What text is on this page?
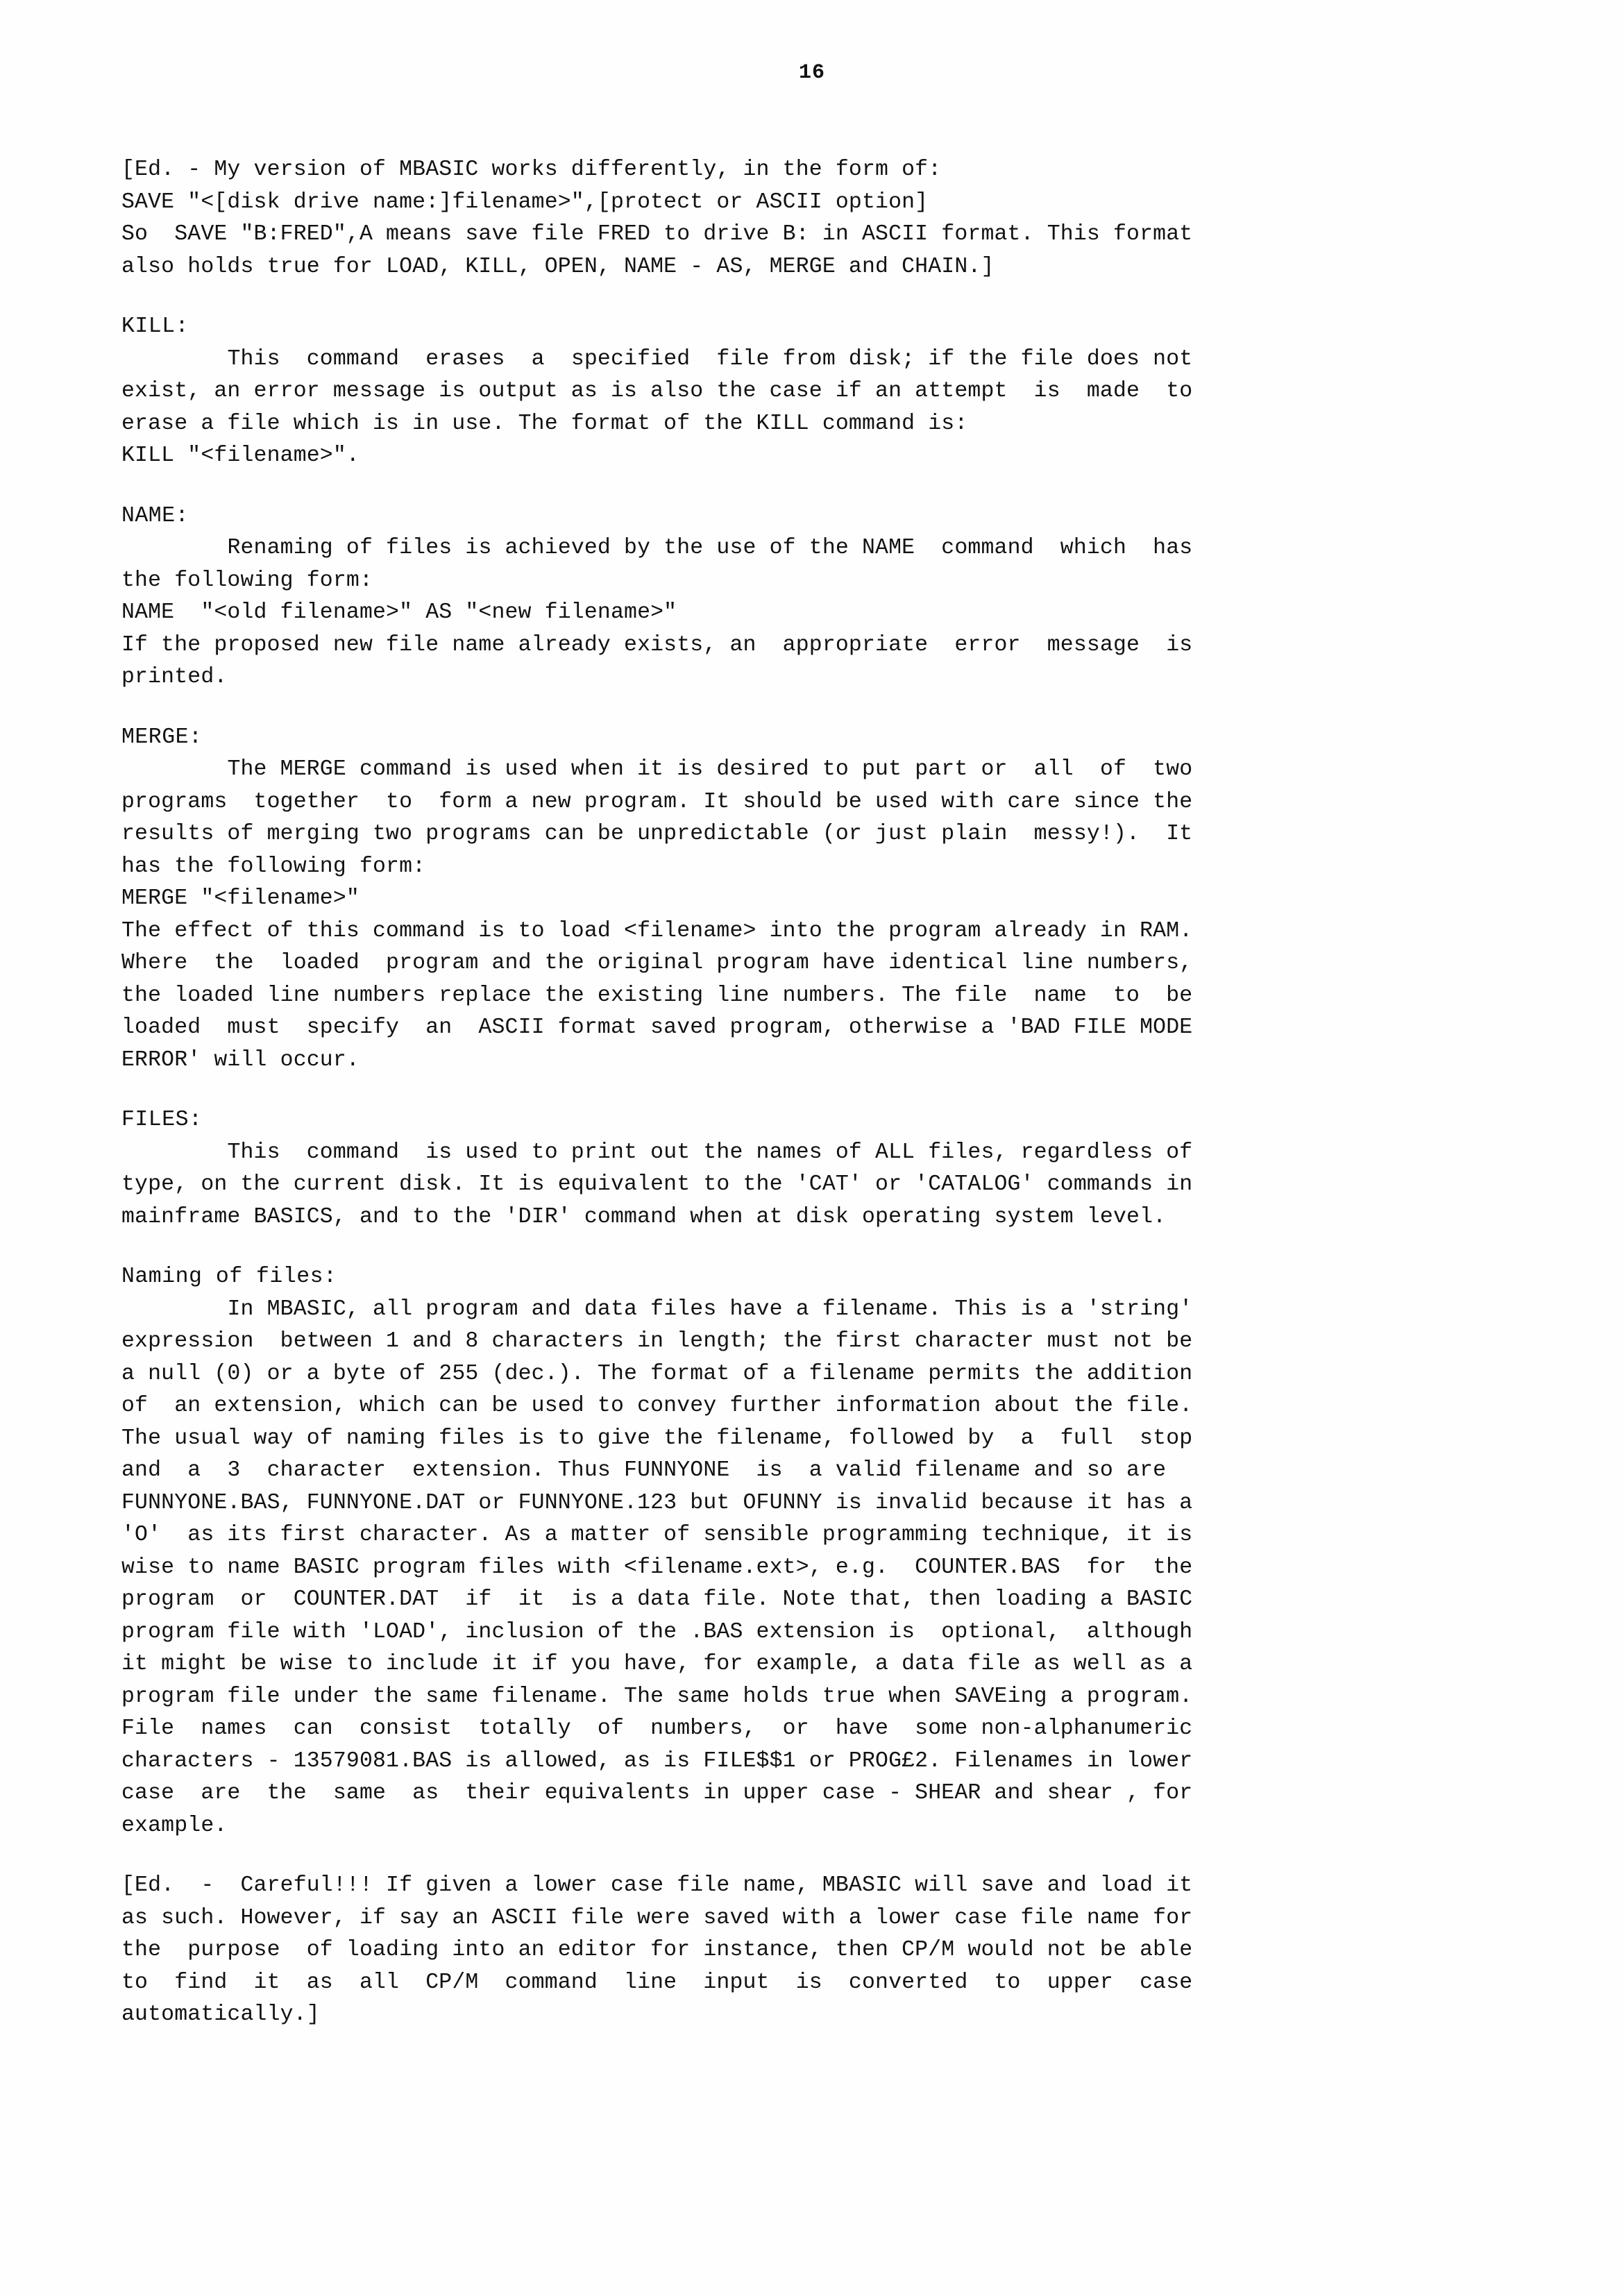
16
[Ed. - My version of MBASIC works differently, in the form of:
SAVE "<[disk drive name:]filename>",[protect or ASCII option]
So  SAVE "B:FRED",A means save file FRED to drive B: in ASCII format. This format
also holds true for LOAD, KILL, OPEN, NAME - AS, MERGE and CHAIN.]
KILL:
This  command  erases  a  specified  file from disk; if the file does not
exist, an error message is output as is also the case if an attempt  is  made  to
erase a file which is in use. The format of the KILL command is:
KILL "<filename>".
NAME:
Renaming of files is achieved by the use of the NAME  command  which  has
the following form:
NAME  "<old filename>" AS "<new filename>"
If the proposed new file name already exists, an  appropriate  error  message  is
printed.
MERGE:
The MERGE command is used when it is desired to put part or  all  of  two
programs  together  to  form a new program. It should be used with care since the
results of merging two programs can be unpredictable (or just plain  messy!).  It
has the following form:
MERGE "<filename>"
The effect of this command is to load <filename> into the program already in RAM.
Where  the  loaded  program and the original program have identical line numbers,
the loaded line numbers replace the existing line numbers. The file  name  to  be
loaded  must  specify  an  ASCII format saved program, otherwise a 'BAD FILE MODE
ERROR' will occur.
FILES:
This  command  is used to print out the names of ALL files, regardless of
type, on the current disk. It is equivalent to the 'CAT' or 'CATALOG' commands in
mainframe BASICS, and to the 'DIR' command when at disk operating system level.
Naming of files:
In MBASIC, all program and data files have a filename. This is a 'string'
expression  between 1 and 8 characters in length; the first character must not be
a null (0) or a byte of 255 (dec.). The format of a filename permits the addition
of  an extension, which can be used to convey further information about the file.
The usual way of naming files is to give the filename, followed by  a  full  stop
and  a  3  character  extension. Thus FUNNYONE  is  a valid filename and so are
FUNNYONE.BAS, FUNNYONE.DAT or FUNNYONE.123 but OFUNNY is invalid because it has a
'O'  as its first character. As a matter of sensible programming technique, it is
wise to name BASIC program files with <filename.ext>, e.g.  COUNTER.BAS  for  the
program  or  COUNTER.DAT  if  it  is a data file. Note that, then loading a BASIC
program file with 'LOAD', inclusion of the .BAS extension is  optional,  although
it might be wise to include it if you have, for example, a data file as well as a
program file under the same filename. The same holds true when SAVEing a program.
File  names  can  consist  totally  of  numbers,  or  have  some non-alphanumeric
characters - 13579081.BAS is allowed, as is FILE$$1 or PROG£2. Filenames in lower
case  are  the  same  as  their equivalents in upper case - SHEAR and shear , for
example.
[Ed.  -  Careful!!! If given a lower case file name, MBASIC will save and load it
as such. However, if say an ASCII file were saved with a lower case file name for
the  purpose  of loading into an editor for instance, then CP/M would not be able
to  find  it  as  all  CP/M  command  line  input  is  converted  to  upper  case
automatically.]
